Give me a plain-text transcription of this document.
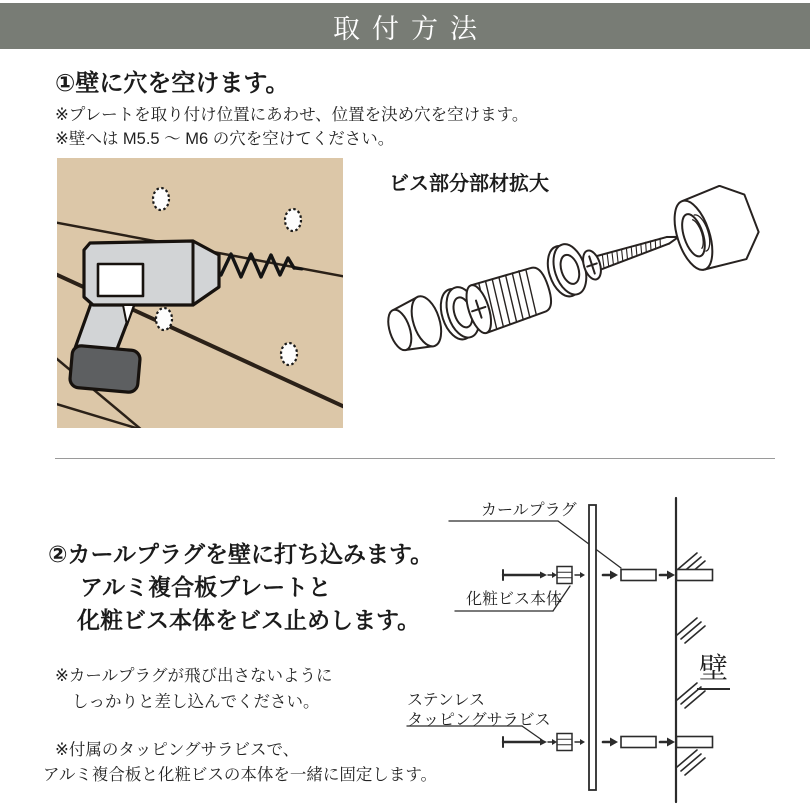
取付方法
①壁に穴を空けます。
※プレートを取り付け位置にあわせ、位置を決め穴を空けます。
※壁へは M5.5 〜 M6 の穴を空けてください。
ビス部分部材拡大
②カールプラグを壁に打ち込みます。
アルミ複合板プレートと
化粧ビス本体をビス止めします。
※カールプラグが飛び出さないように
しっかりと差し込んでください。
※付属のタッピングサラビスで、
アルミ複合板と化粧ビスの本体を一緒に固定します。
カールプラグ
化粧ビス本体
ステンレス
タッピングサラビス
壁
